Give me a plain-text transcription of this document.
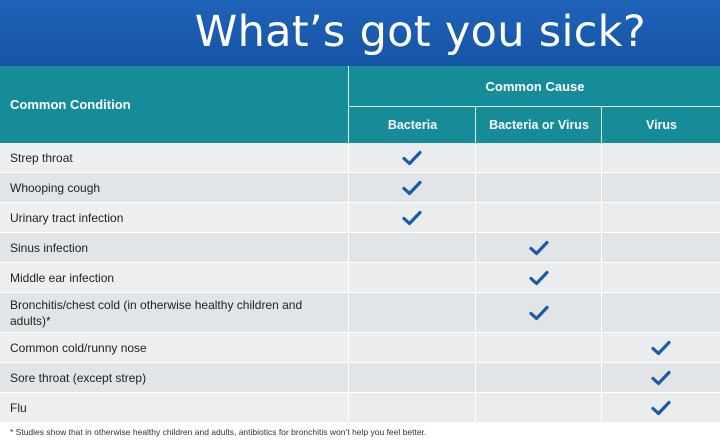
What’s got you sick?
Common Condition
Common Cause
Bacteria	Bacteria or Virus	Virus
Strep throat
Whooping cough
Urinary tract infection
Sinus infection
Middle ear infection
Bronchitis/chest cold (in otherwise healthy children and adults)*
Common cold/runny nose
Sore throat (except strep)
Flu
* Studies show that in otherwise healthy children and adults, antibiotics for bronchitis won’t help you feel better.
